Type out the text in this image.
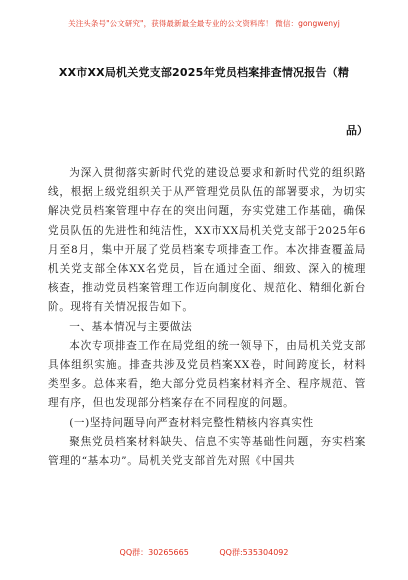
关注头条号"公文研究"，获得最新最全最专业的公文资料库！ 微信：gongwenyj
XX市XX局机关党支部2025年党员档案排查情况报告（精
品）

为深入贯彻落实新时代党的建设总要求和新时代党的组织路线，根据上级党组织关于从严管理党员队伍的部署要求，为切实解决党员档案管理中存在的突出问题，夯实党建工作基础，确保党员队伍的先进性和纯洁性，XX市XX局机关党支部于2025年6月至8月，集中开展了党员档案专项排查工作。本次排查覆盖局机关党支部全体XX名党员，旨在通过全面、细致、深入的梳理核查，推动党员档案管理工作迈向制度化、规范化、精细化新台阶。现将有关情况报告如下。

一、基本情况与主要做法

本次专项排查工作在局党组的统一领导下，由局机关党支部具体组织实施。排查共涉及党员档案XX卷，时间跨度长，材料类型多。总体来看，绝大部分党员档案材料齐全、程序规范、管理有序，但也发现部分档案存在不同程度的问题。

(一)坚持问题导向严查材料完整性精核内容真实性

聚焦党员档案材料缺失、信息不实等基础性问题，夯实档案管理的“基本功”。局机关党支部首先对照《中国共

QQ群：30265665	QQ群:535304092
